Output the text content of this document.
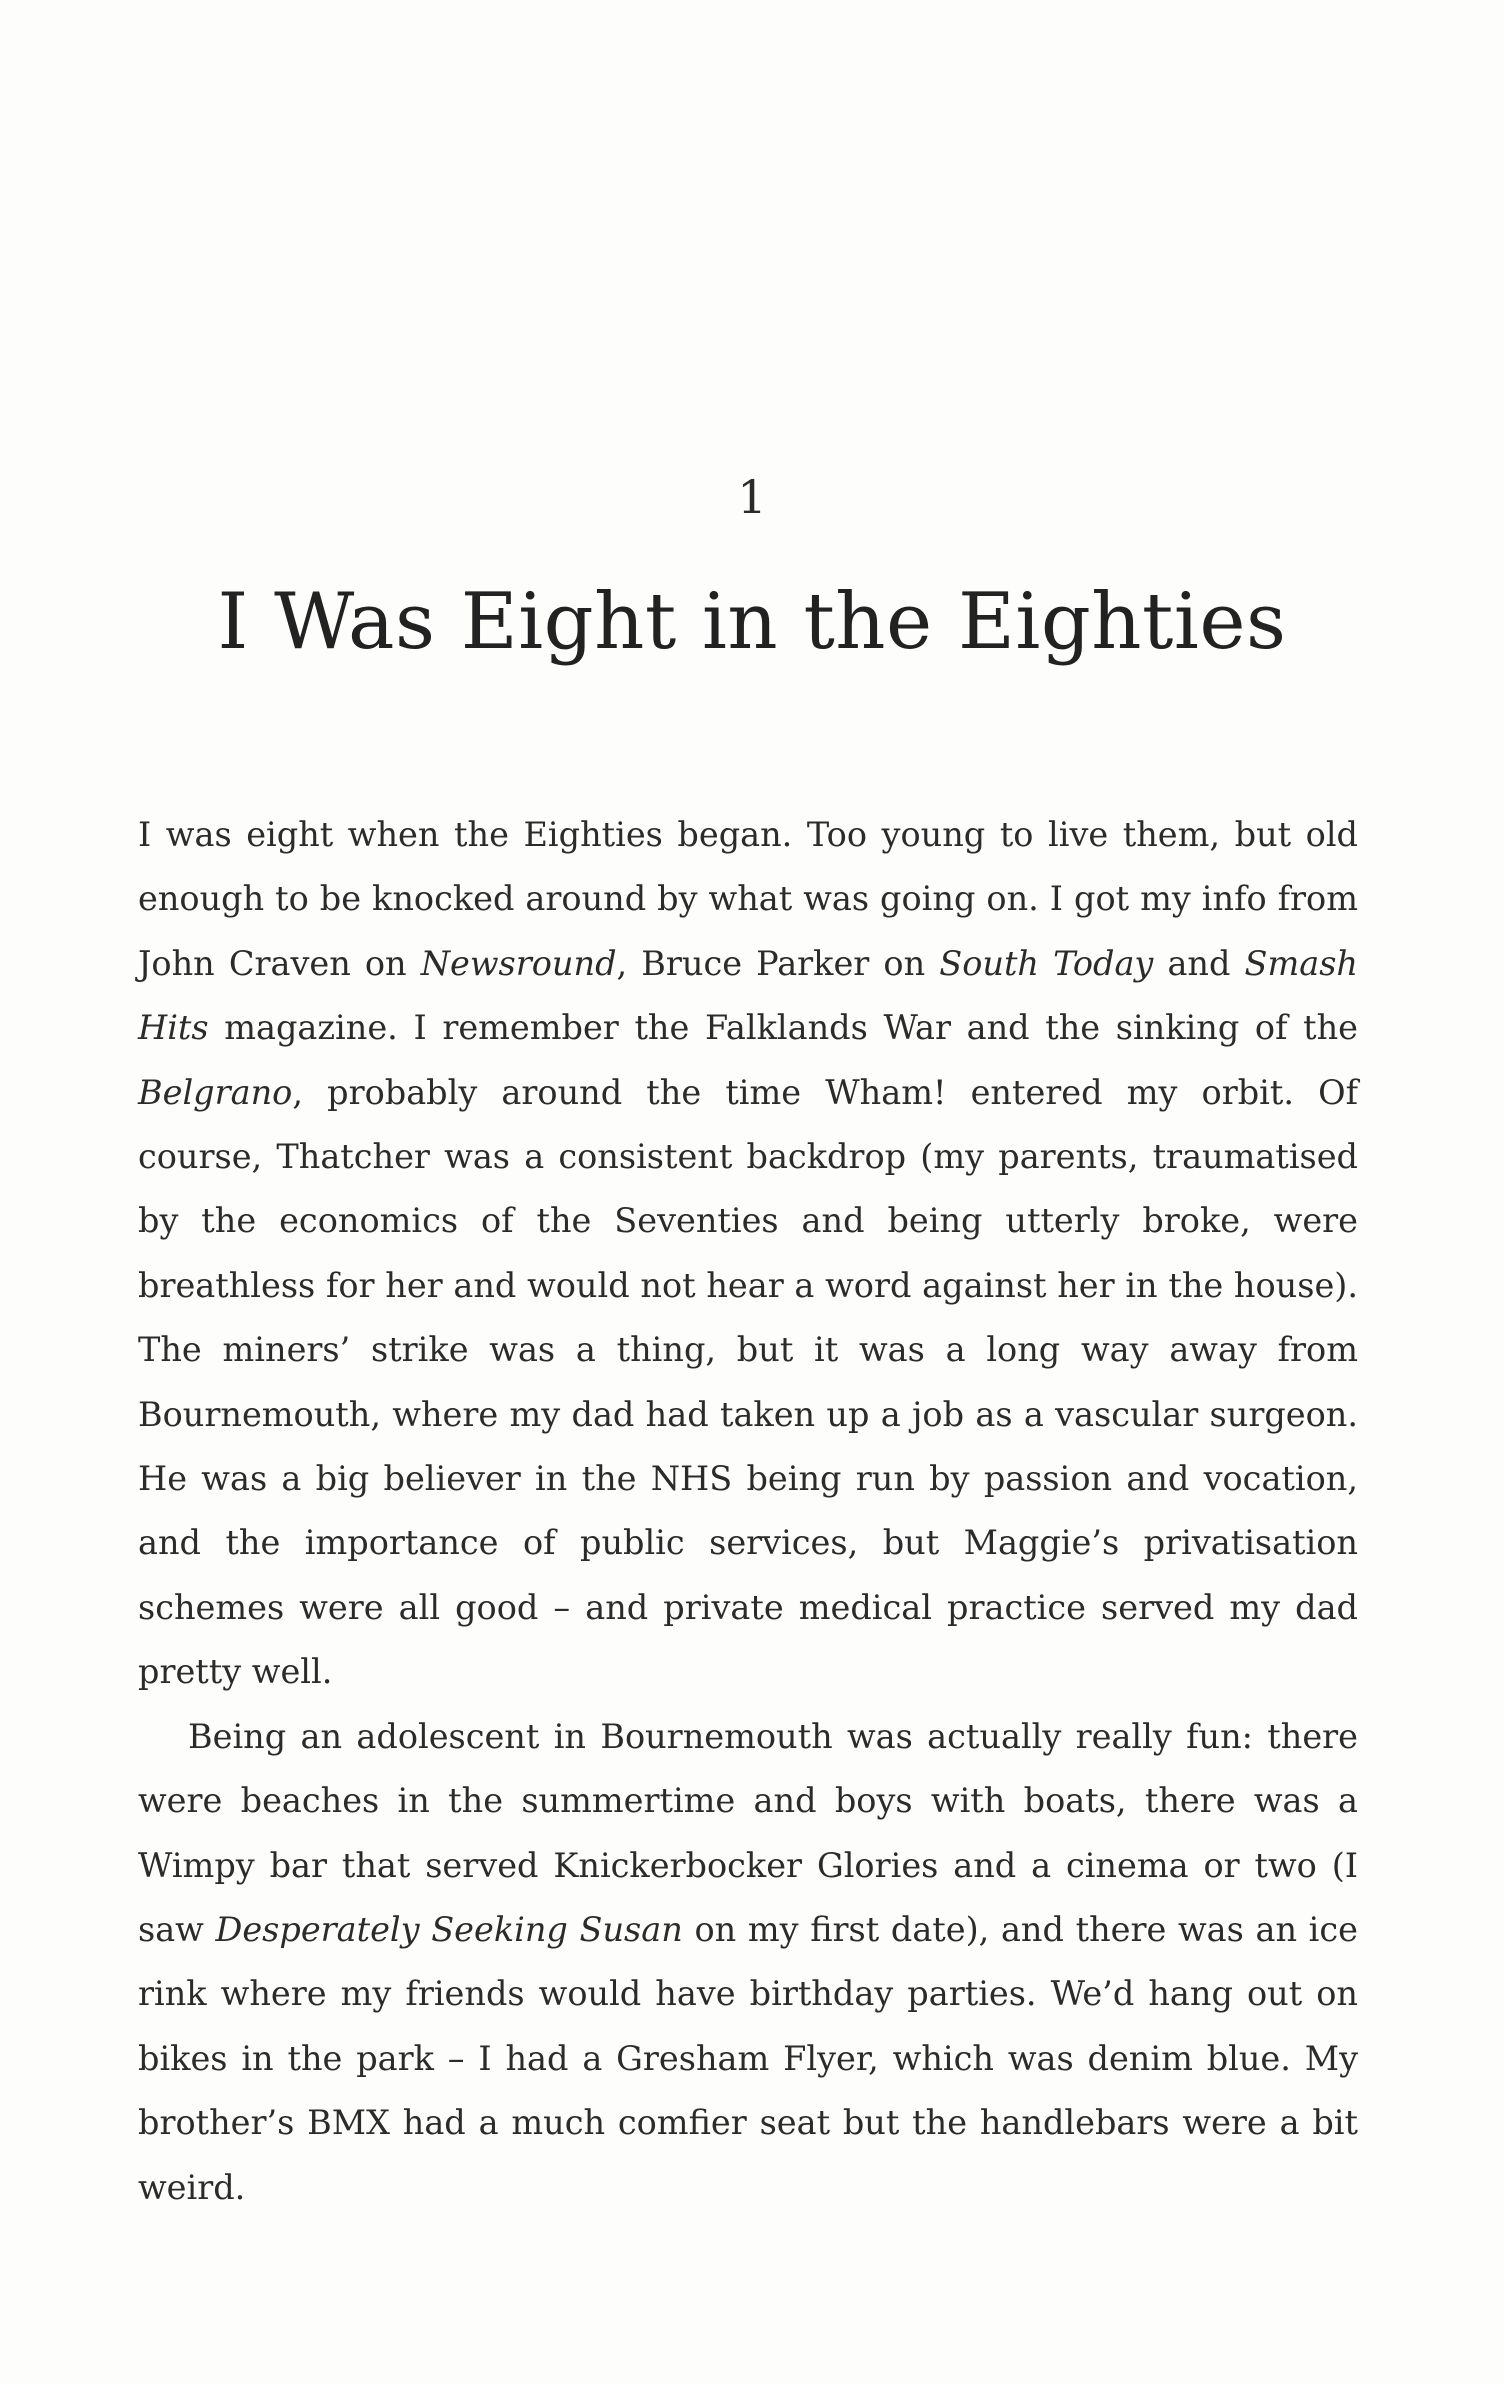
1
I Was Eight in the Eighties

I was eight when the Eighties began. Too young to live them, but old enough to be knocked around by what was going on. I got my info from John Craven on Newsround, Bruce Parker on South Today and Smash Hits magazine. I remember the Falklands War and the sinking of the Belgrano, probably around the time Wham! entered my orbit. Of course, Thatcher was a consistent backdrop (my parents, traumatised by the economics of the Seventies and being utterly broke, were breathless for her and would not hear a word against her in the house). The miners’ strike was a thing, but it was a long way away from Bournemouth, where my dad had taken up a job as a vascular surgeon. He was a big believer in the NHS being run by passion and vocation, and the importance of public services, but Maggie’s privatisation schemes were all good – and private medical practice served my dad pretty well.

Being an adolescent in Bournemouth was actually really fun: there were beaches in the summertime and boys with boats, there was a Wimpy bar that served Knickerbocker Glories and a cinema or two (I saw Desperately Seeking Susan on my first date), and there was an ice rink where my friends would have birthday parties. We’d hang out on bikes in the park – I had a Gresham Flyer, which was denim blue. My brother’s BMX had a much comfier seat but the handlebars were a bit weird.
